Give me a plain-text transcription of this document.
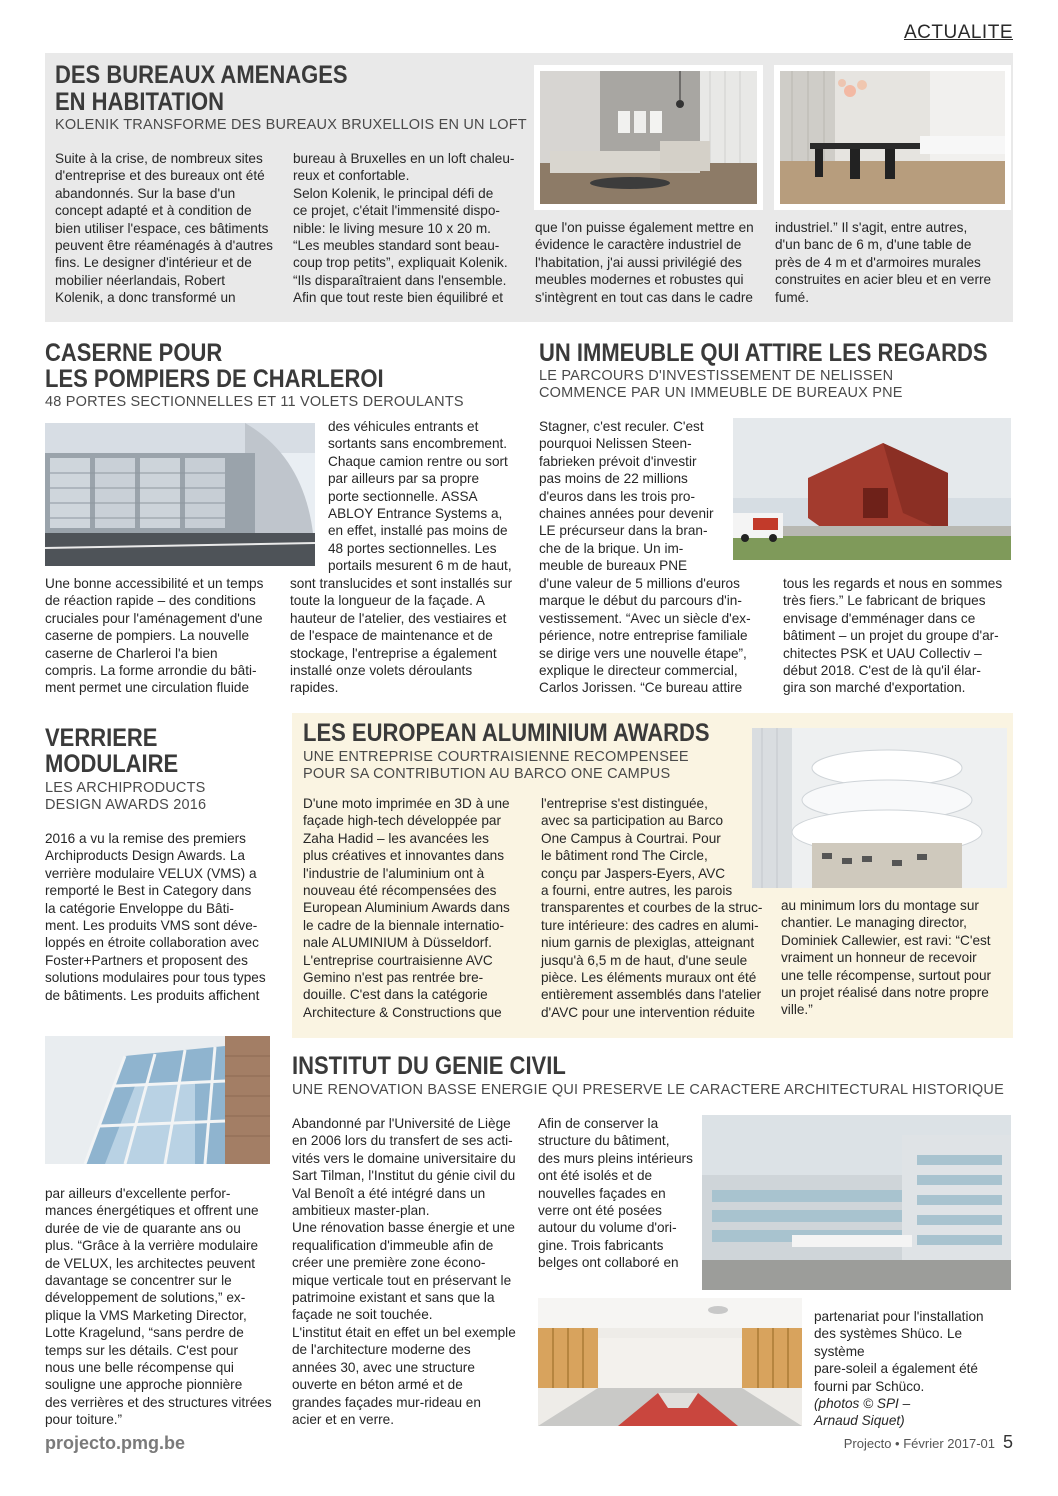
ACTUALITE
DES BUREAUX AMENAGES
EN HABITATION
KOLENIK TRANSFORME DES BUREAUX BRUXELLOIS EN UN LOFT

Suite à la crise, de nombreux sites
d'entreprise et des bureaux ont été
abandonnés. Sur la base d'un
concept adapté et à condition de
bien utiliser l'espace, ces bâtiments
peuvent être réaménagés à d'autres
fins. Le designer d'intérieur et de
mobilier néerlandais, Robert
Kolenik, a donc transformé un

bureau à Bruxelles en un loft chaleu-
reux et confortable.
Selon Kolenik, le principal défi de
ce projet, c'était l'immensité dispo-
nible: le living mesure 10 x 20 m.
“Les meubles standard sont beau-
coup trop petits”, expliquait Kolenik.
“Ils disparaîtraient dans l'ensemble.
Afin que tout reste bien équilibré et

que l'on puisse également mettre en
évidence le caractère industriel de
l'habitation, j'ai aussi privilégié des
meubles modernes et robustes qui
s'intègrent en tout cas dans le cadre

industriel.” Il s'agit, entre autres,
d'un banc de 6 m, d'une table de
près de 4 m et d'armoires murales
construites en acier bleu et en verre
fumé.

CASERNE POUR
LES POMPIERS DE CHARLEROI
48 PORTES SECTIONNELLES ET 11 VOLETS DEROULANTS

des véhicules entrants et
sortants sans encombrement.
Chaque camion rentre ou sort
par ailleurs par sa propre
porte sectionnelle. ASSA
ABLOY Entrance Systems a,
en effet, installé pas moins de
48 portes sectionnelles. Les
portails mesurent 6 m de haut,

Une bonne accessibilité et un temps
de réaction rapide – des conditions
cruciales pour l'aménagement d'une
caserne de pompiers. La nouvelle
caserne de Charleroi l'a bien
compris. La forme arrondie du bâti-
ment permet une circulation fluide

sont translucides et sont installés sur
toute la longueur de la façade. A
hauteur de l'atelier, des vestiaires et
de l'espace de maintenance et de
stockage, l'entreprise a également
installé onze volets déroulants
rapides.

UN IMMEUBLE QUI ATTIRE LES REGARDS
LE PARCOURS D'INVESTISSEMENT DE NELISSEN
COMMENCE PAR UN IMMEUBLE DE BUREAUX PNE

Stagner, c'est reculer. C'est
pourquoi Nelissen Steen-
fabrieken prévoit d'investir
pas moins de 22 millions
d'euros dans les trois pro-
chaines années pour devenir
LE précurseur dans la bran-
che de la brique. Un im-
meuble de bureaux PNE

d'une valeur de 5 millions d'euros
marque le début du parcours d'in-
vestissement. “Avec un siècle d'ex-
périence, notre entreprise familiale
se dirige vers une nouvelle étape”,
explique le directeur commercial,
Carlos Jorissen. “Ce bureau attire

tous les regards et nous en sommes
très fiers.” Le fabricant de briques
envisage d'emménager dans ce
bâtiment – un projet du groupe d'ar-
chitectes PSK et UAU Collectiv –
début 2018. C'est de là qu'il élar-
gira son marché d'exportation.

VERRIERE
MODULAIRE
LES ARCHIPRODUCTS
DESIGN AWARDS 2016

2016 a vu la remise des premiers
Archiproducts Design Awards. La
verrière modulaire VELUX (VMS) a
remporté le Best in Category dans
la catégorie Enveloppe du Bâti-
ment. Les produits VMS sont déve-
loppés en étroite collaboration avec
Foster+Partners et proposent des
solutions modulaires pour tous types
de bâtiments. Les produits affichent

par ailleurs d'excellente perfor-
mances énergétiques et offrent une
durée de vie de quarante ans ou
plus. “Grâce à la verrière modulaire
de VELUX, les architectes peuvent
davantage se concentrer sur le
développement de solutions,” ex-
plique la VMS Marketing Director,
Lotte Kragelund, “sans perdre de
temps sur les détails. C'est pour
nous une belle récompense qui
souligne une approche pionnière
des verrières et des structures vitrées
pour toiture.”

LES EUROPEAN ALUMINIUM AWARDS
UNE ENTREPRISE COURTRAISIENNE RECOMPENSEE
POUR SA CONTRIBUTION AU BARCO ONE CAMPUS

D'une moto imprimée en 3D à une
façade high-tech développée par
Zaha Hadid – les avancées les
plus créatives et innovantes dans
l'industrie de l'aluminium ont à
nouveau été récompensées des
European Aluminium Awards dans
le cadre de la biennale internatio-
nale ALUMINIUM à Düsseldorf.
L'entreprise courtraisienne AVC
Gemino n'est pas rentrée bre-
douille. C'est dans la catégorie
Architecture & Constructions que

l'entreprise s'est distinguée,
avec sa participation au Barco
One Campus à Courtrai. Pour
le bâtiment rond The Circle,
conçu par Jaspers-Eyers, AVC
a fourni, entre autres, les parois
transparentes et courbes de la struc-
ture intérieure: des cadres en alumi-
nium garnis de plexiglas, atteignant
jusqu'à 6,5 m de haut, d'une seule
pièce. Les éléments muraux ont été
entièrement assemblés dans l'atelier
d'AVC pour une intervention réduite

au minimum lors du montage sur
chantier. Le managing director,
Dominiek Callewier, est ravi: “C'est
vraiment un honneur de recevoir
une telle récompense, surtout pour
un projet réalisé dans notre propre
ville.”

INSTITUT DU GENIE CIVIL
UNE RENOVATION BASSE ENERGIE QUI PRESERVE LE CARACTERE ARCHITECTURAL HISTORIQUE

Abandonné par l'Université de Liège
en 2006 lors du transfert de ses acti-
vités vers le domaine universitaire du
Sart Tilman, l'Institut du génie civil du
Val Benoît a été intégré dans un
ambitieux master-plan.
Une rénovation basse énergie et une
requalification d'immeuble afin de
créer une première zone écono-
mique verticale tout en préservant le
patrimoine existant et sans que la
façade ne soit touchée.
L'institut était en effet un bel exemple
de l'architecture moderne des
années 30, avec une structure
ouverte en béton armé et de
grandes façades mur-rideau en
acier et en verre.

Afin de conserver la
structure du bâtiment,
des murs pleins intérieurs
ont été isolés et de
nouvelles façades en
verre ont été posées
autour du volume d'ori-
gine. Trois fabricants
belges ont collaboré en

partenariat pour l'installation
des systèmes Shüco. Le système
pare-soleil a également été
fourni par Schüco.

(photos © SPI –
Arnaud Siquet)

projecto.pmg.be	Projecto • Février 2017-01 5
